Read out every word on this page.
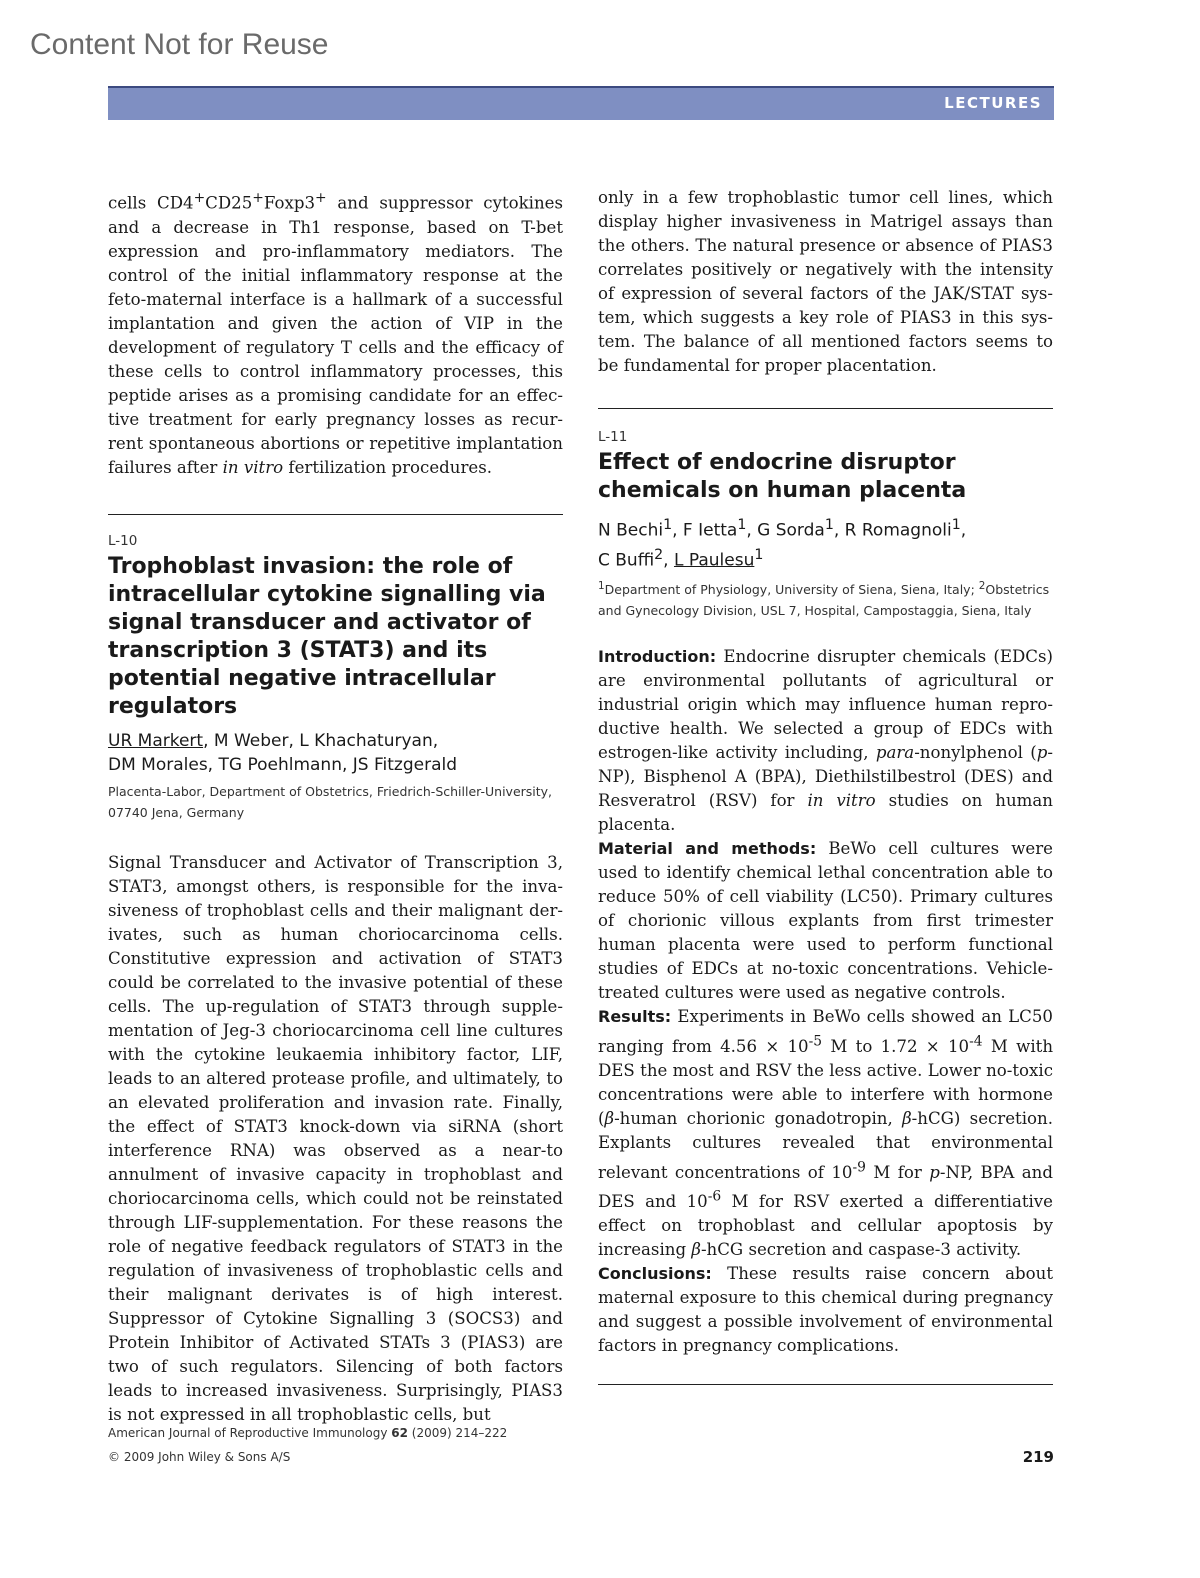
Content Not for Reuse
LECTURES

cells CD4+CD25+Foxp3+ and suppressor cytokines and a decrease in Th1 response, based on T-bet expression and pro-inflammatory mediators. The control of the initial inflammatory response at the feto-maternal interface is a hallmark of a successful implantation and given the action of VIP in the development of regulatory T cells and the efficacy of these cells to control inflammatory processes, this peptide arises as a promising candidate for an effective treatment for early pregnancy losses as recurrent spontaneous abortions or repetitive implantation failures after in vitro fertilization procedures.

L-10
Trophoblast invasion: the role of intracellular cytokine signalling via signal transducer and activator of transcription 3 (STAT3) and its potential negative intracellular regulators
UR Markert, M Weber, L Khachaturyan,
DM Morales, TG Poehlmann, JS Fitzgerald
Placenta-Labor, Department of Obstetrics, Friedrich-Schiller-University, 07740 Jena, Germany

Signal Transducer and Activator of Transcription 3, STAT3, amongst others, is responsible for the invasiveness of trophoblast cells and their malignant derivates, such as human choriocarcinoma cells. Constitutive expression and activation of STAT3 could be correlated to the invasive potential of these cells. The up-regulation of STAT3 through supplementation of Jeg-3 choriocarcinoma cell line cultures with the cytokine leukaemia inhibitory factor, LIF, leads to an altered protease profile, and ultimately, to an elevated proliferation and invasion rate. Finally, the effect of STAT3 knock-down via siRNA (short interference RNA) was observed as a near-to annulment of invasive capacity in trophoblast and choriocarcinoma cells, which could not be reinstated through LIF-supplementation. For these reasons the role of negative feedback regulators of STAT3 in the regulation of invasiveness of trophoblastic cells and their malignant derivates is of high interest. Suppressor of Cytokine Signalling 3 (SOCS3) and Protein Inhibitor of Activated STATs 3 (PIAS3) are two of such regulators. Silencing of both factors leads to increased invasiveness. Surprisingly, PIAS3 is not expressed in all trophoblastic cells, but

only in a few trophoblastic tumor cell lines, which display higher invasiveness in Matrigel assays than the others. The natural presence or absence of PIAS3 correlates positively or negatively with the intensity of expression of several factors of the JAK/STAT system, which suggests a key role of PIAS3 in this system. The balance of all mentioned factors seems to be fundamental for proper placentation.

L-11
Effect of endocrine disruptor chemicals on human placenta
N Bechi$^1$, F Ietta$^1$, G Sorda$^1$, R Romagnoli$^1$,
C Buffi$^2$, L Paulesu$^1$
$^1$Department of Physiology, University of Siena, Siena, Italy; $^2$Obstetrics and Gynecology Division, USL 7, Hospital, Campostaggia, Siena, Italy

Introduction: Endocrine disrupter chemicals (EDCs) are environmental pollutants of agricultural or industrial origin which may influence human reproductive health. We selected a group of EDCs with estrogen-like activity including, para-nonylphenol (p-NP), Bisphenol A (BPA), Diethilstilbestrol (DES) and Resveratrol (RSV) for in vitro studies on human placenta.

Material and methods: BeWo cell cultures were used to identify chemical lethal concentration able to reduce 50% of cell viability (LC50). Primary cultures of chorionic villous explants from first trimester human placenta were used to perform functional studies of EDCs at no-toxic concentrations. Vehicle-treated cultures were used as negative controls.

Results: Experiments in BeWo cells showed an LC50 ranging from $4.56 \times 10^{-5}$ M to $1.72 \times 10^{-4}$ M with DES the most and RSV the less active. Lower no-toxic concentrations were able to interfere with hormone (β-human chorionic gonadotropin, β-hCG) secretion. Explants cultures revealed that environmental relevant concentrations of $10^{-9}$ M for p-NP, BPA and DES and $10^{-6}$ M for RSV exerted a differentiative effect on trophoblast and cellular apoptosis by increasing β-hCG secretion and caspase-3 activity.

Conclusions: These results raise concern about maternal exposure to this chemical during pregnancy and suggest a possible involvement of environmental factors in pregnancy complications.

American Journal of Reproductive Immunology 62 (2009) 214–222
© 2009 John Wiley & Sons A/S	219
